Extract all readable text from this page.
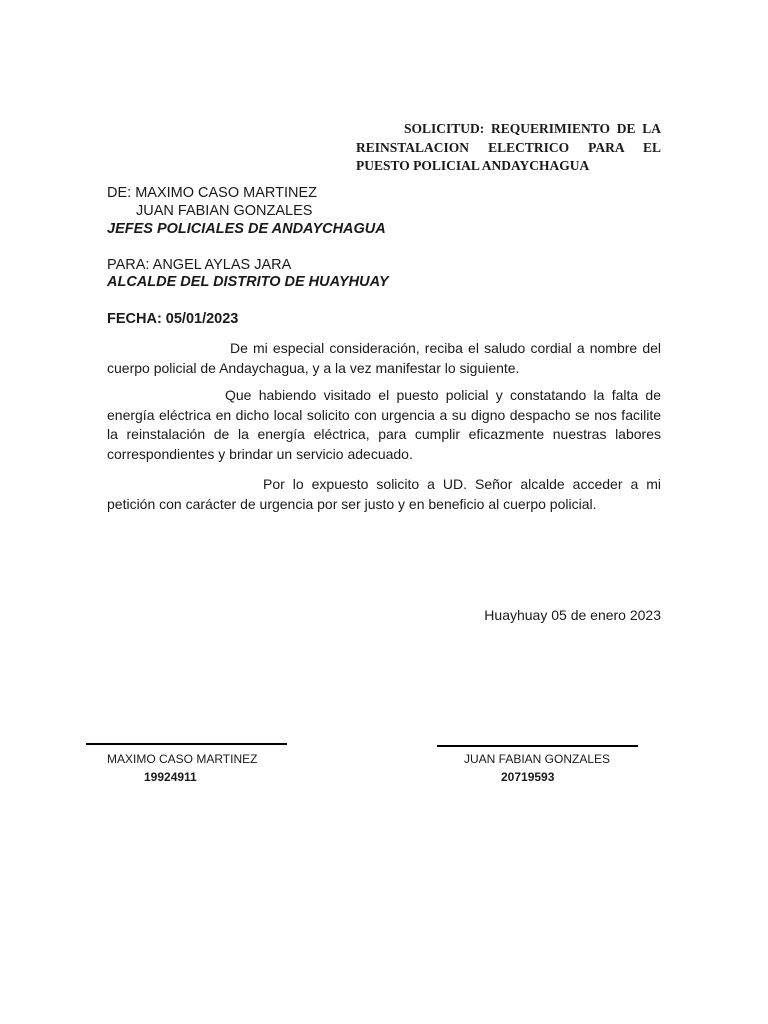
SOLICITUD: REQUERIMIENTO DE LA REINSTALACION ELECTRICO PARA EL PUESTO POLICIAL ANDAYCHAGUA
DE: MAXIMO CASO MARTINEZ
JUAN FABIAN GONZALES
JEFES POLICIALES DE ANDAYCHAGUA
PARA: ANGEL AYLAS JARA
ALCALDE DEL DISTRITO DE HUAYHUAY
FECHA: 05/01/2023
De mi especial consideración, reciba el saludo cordial a nombre del cuerpo policial de Andaychagua, y a la vez manifestar lo siguiente.
Que habiendo visitado el puesto policial y constatando la falta de energía eléctrica en dicho local solicito con urgencia a su digno despacho se nos facilite la reinstalación de la energía eléctrica, para cumplir eficazmente nuestras labores correspondientes y brindar un servicio adecuado.
Por lo expuesto solicito a UD. Señor alcalde acceder a mi petición con carácter de urgencia por ser justo y en beneficio al cuerpo policial.
Huayhuay 05 de enero 2023
MAXIMO CASO MARTINEZ
19924911
JUAN FABIAN GONZALES
20719593
